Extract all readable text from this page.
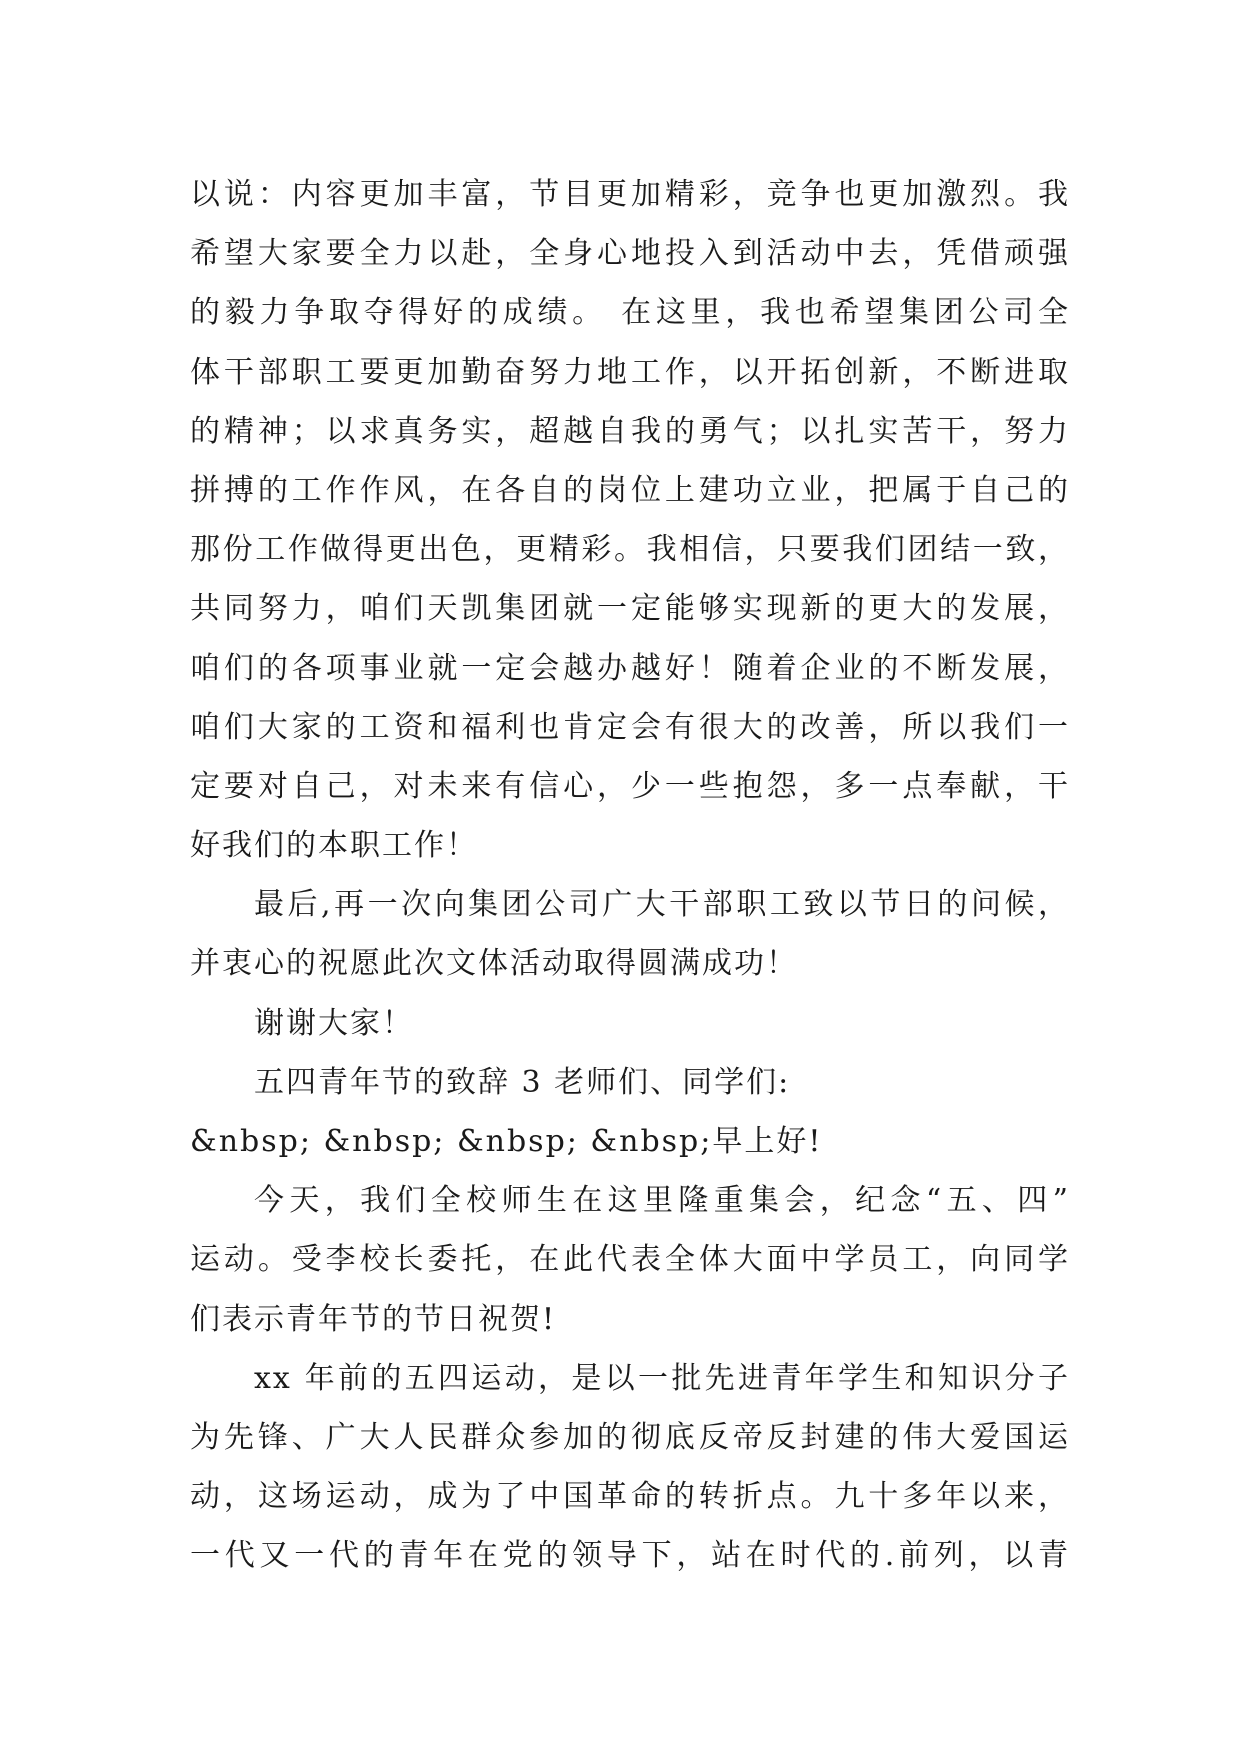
以说：内容更加丰富，节目更加精彩，竞争也更加激烈。我
希望大家要全力以赴，全身心地投入到活动中去，凭借顽强
的毅力争取夺得好的成绩。 在这里，我也希望集团公司全
体干部职工要更加勤奋努力地工作，以开拓创新，不断进取
的精神；以求真务实，超越自我的勇气；以扎实苦干，努力
拼搏的工作作风，在各自的岗位上建功立业，把属于自己的
那份工作做得更出色，更精彩。我相信，只要我们团结一致，
共同努力，咱们天凯集团就一定能够实现新的更大的发展，
咱们的各项事业就一定会越办越好！随着企业的不断发展，
咱们大家的工资和福利也肯定会有很大的改善，所以我们一
定要对自己，对未来有信心，少一些抱怨，多一点奉献，干
好我们的本职工作！
最后,再一次向集团公司广大干部职工致以节日的问候，
并衷心的祝愿此次文体活动取得圆满成功！
谢谢大家！
五四青年节的致辞 3 老师们、同学们:
&nbsp; &nbsp; &nbsp; &nbsp;早上好!
今天，我们全校师生在这里隆重集会，纪念“五、四”
运动。受李校长委托，在此代表全体大面中学员工，向同学
们表示青年节的节日祝贺!
xx 年前的五四运动，是以一批先进青年学生和知识分子
为先锋、广大人民群众参加的彻底反帝反封建的伟大爱国运
动，这场运动，成为了中国革命的转折点。九十多年以来，
一代又一代的青年在党的领导下，站在时代的.前列，以青
